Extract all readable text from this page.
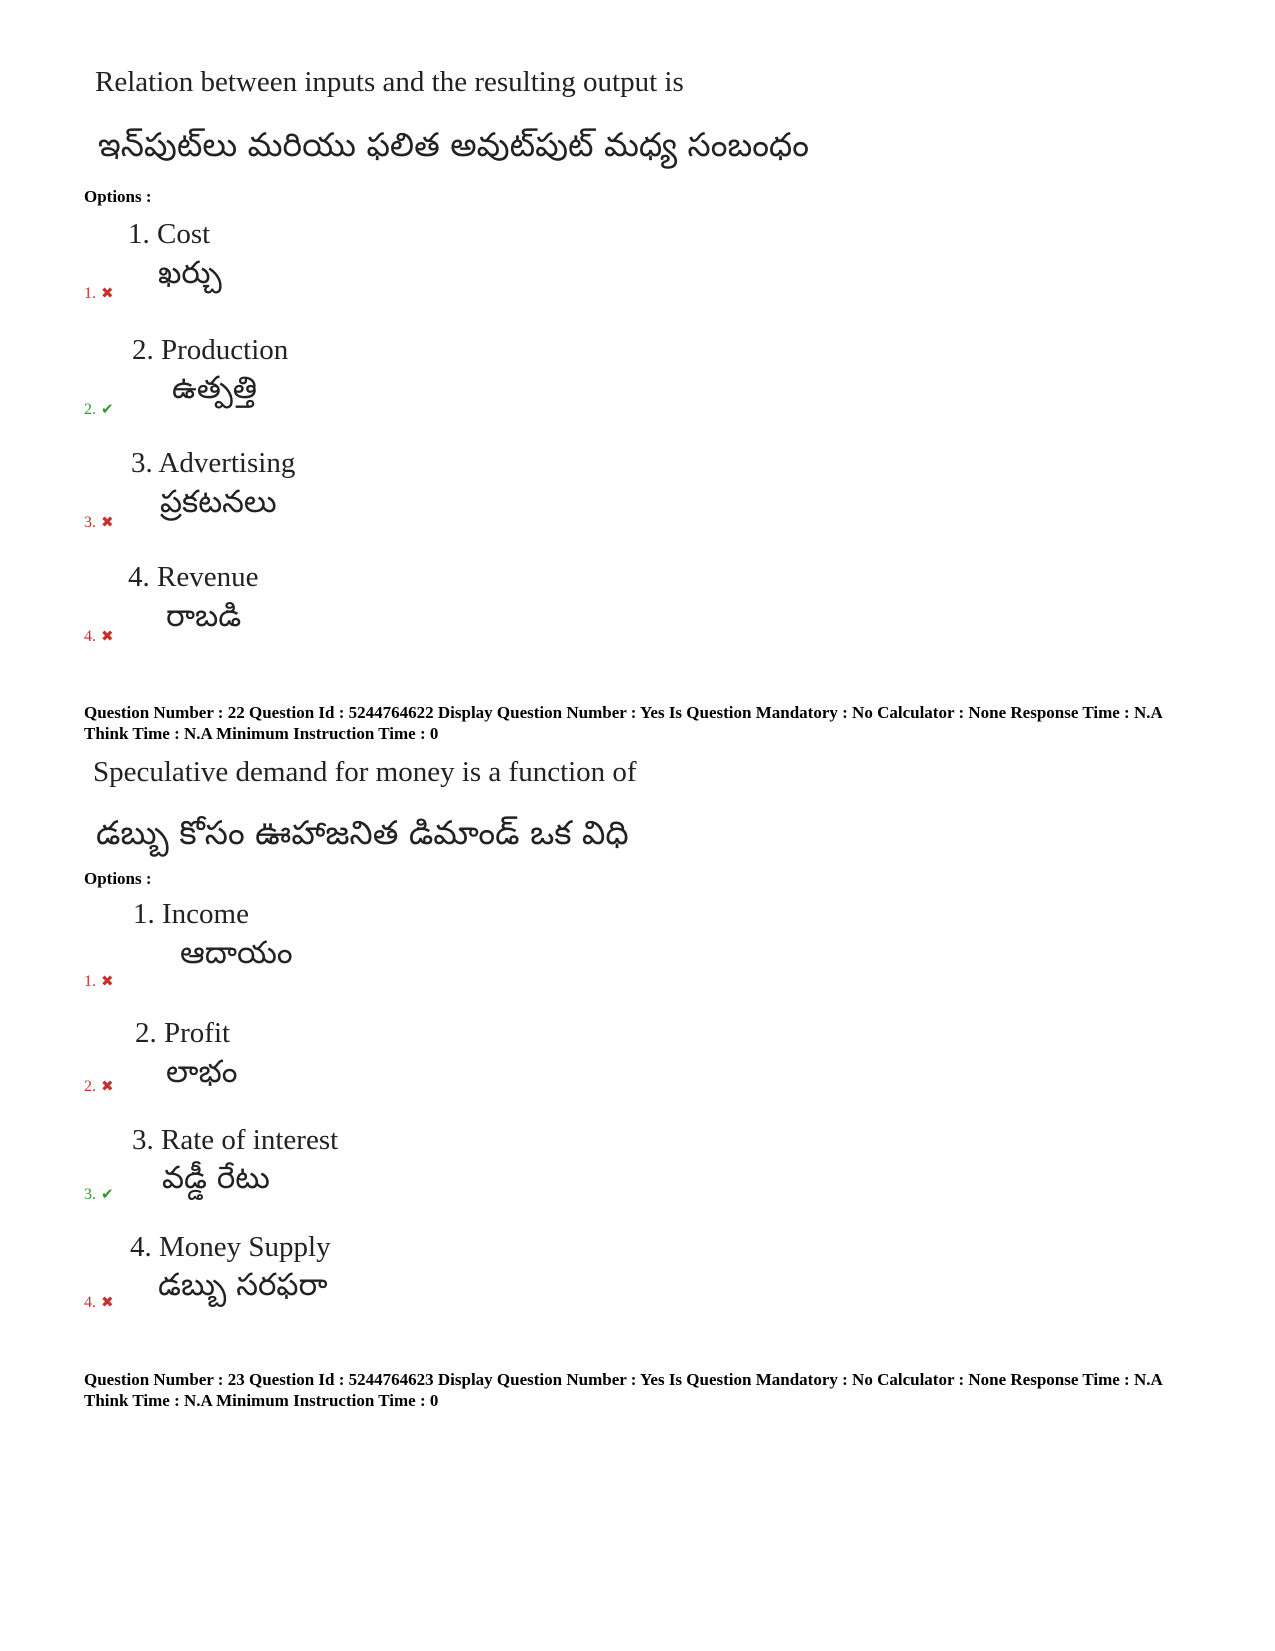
Relation between inputs and the resulting output is
ఇన్‌పుట్‌లు మరియు ఫలిత అవుట్‌పుట్ మధ్య సంబంధం
Options :
1. Cost
ఖర్చు
1. ✖
2. Production
ఉత్పత్తి
2. ✔
3. Advertising
ప్రకటనలు
3. ✖
4. Revenue
రాబడి
4. ✖
Question Number : 22 Question Id : 5244764622 Display Question Number : Yes Is Question Mandatory : No Calculator : None Response Time : N.A Think Time : N.A Minimum Instruction Time : 0
Speculative demand for money is a function of
డబ్బు కోసం ఊహాజనిత డిమాండ్ ఒక విధి
Options :
1. Income
ఆదాయం
1. ✖
2. Profit
లాభం
2. ✖
3. Rate of interest
వడ్డీ రేటు
3. ✔
4. Money Supply
డబ్బు సరఫరా
4. ✖
Question Number : 23 Question Id : 5244764623 Display Question Number : Yes Is Question Mandatory : No Calculator : None Response Time : N.A Think Time : N.A Minimum Instruction Time : 0
